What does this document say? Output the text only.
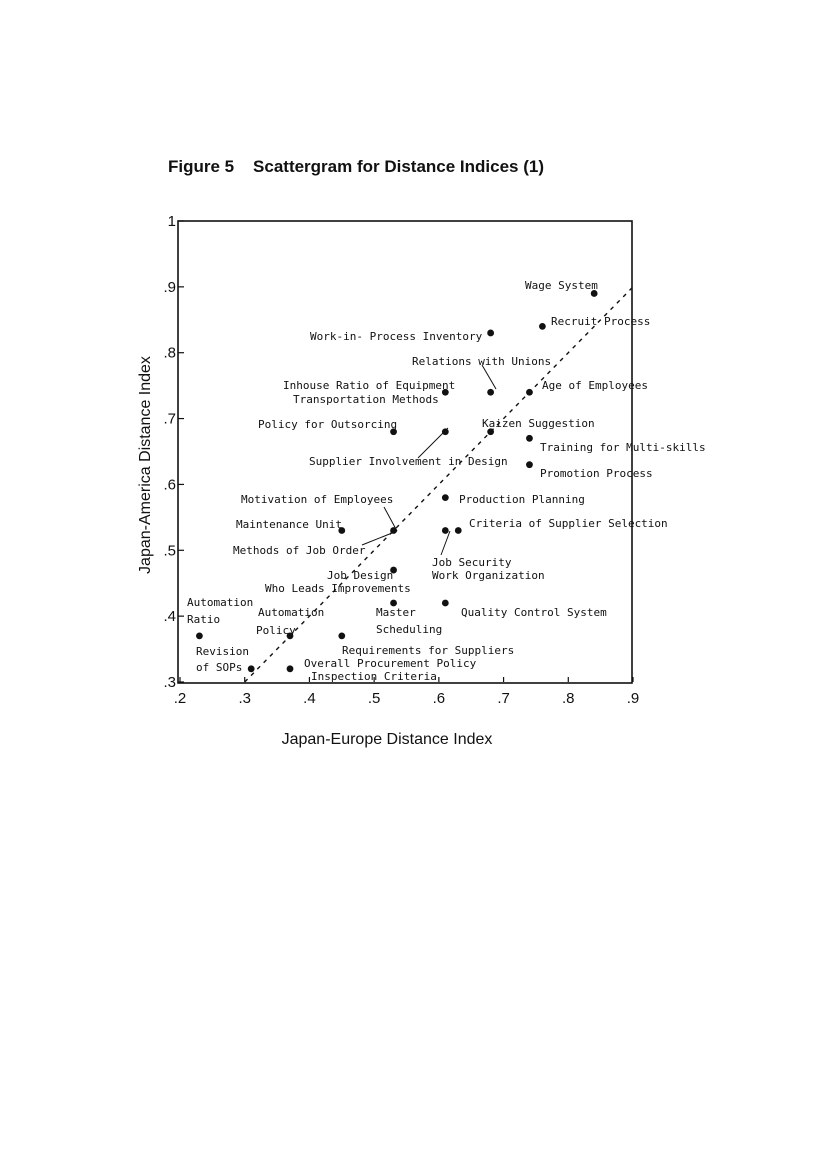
Figure 5 Scattergram for Distance Indices (1)
.2	.3	.4	.5	.6	.7	.8	.9
.3
.4
.5
.6
.7
.8
.9
1
Wage System
Recruit Process
Work-in- Process Inventory
Relations with Unions
Age of Employees
Inhouse Ratio of Equipment
Transportation Methods
Policy for Outsorcing	Kaizen Suggestion
Training for Multi-skills
Supplier Involvement in Design
Promotion Process
Motivation of Employees	Production Planning
Maintenance Unit	Criteria of Supplier Selection
Methods of Job Order
Job Security
Work Organization
Job Design
Who Leads Improvements
Automation
Ratio
Automation
Policy
Master
Scheduling
Quality Control System
Revision
of SOPs
Requirements for Suppliers
Overall Procurement Policy
Inspection Criteria
Japan-Europe Distance Index
Japan-America Distance Index
